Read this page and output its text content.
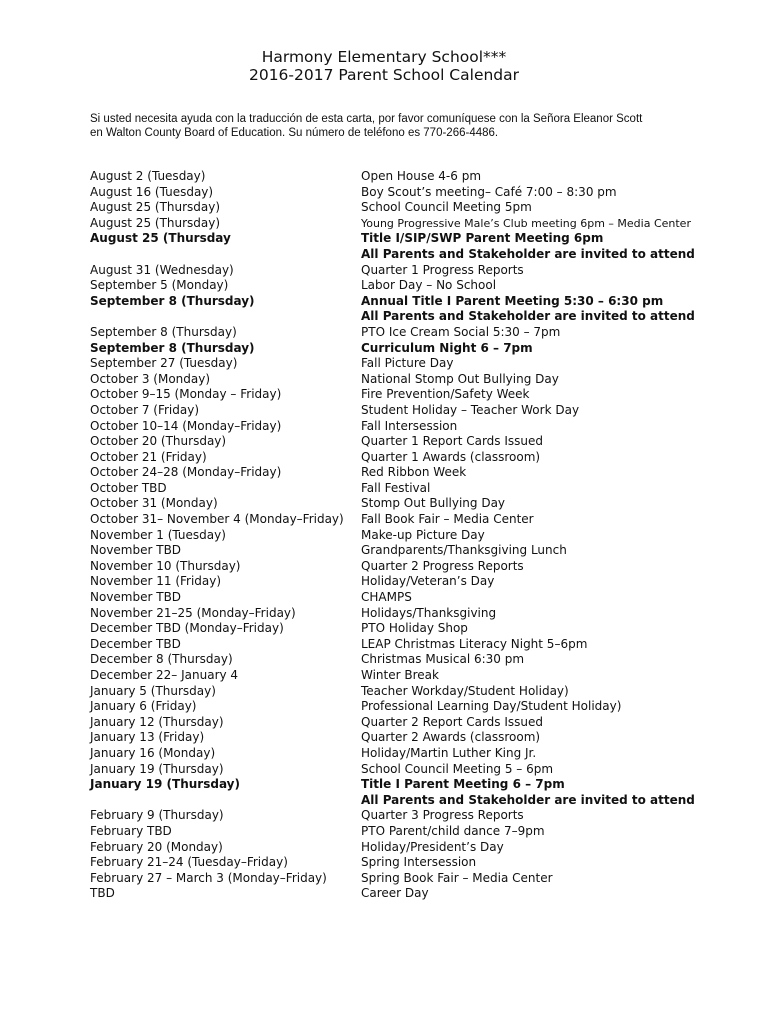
Harmony Elementary School***
2016-2017 Parent School Calendar
Si usted necesita ayuda con la traducción de esta carta, por favor comuníquese con la Señora Eleanor Scott
en Walton County Board of Education. Su número de teléfono es 770-266-4486.
August 2 (Tuesday)	Open House 4-6 pm
August 16 (Tuesday)	Boy Scout’s meeting– Café 7:00 – 8:30 pm
August 25 (Thursday)	School Council Meeting 5pm
August 25 (Thursday)	Young Progressive Male’s Club meeting 6pm – Media Center
August 25 (Thursday	Title I/SIP/SWP Parent Meeting 6pm
All Parents and Stakeholder are invited to attend
August 31 (Wednesday)	Quarter 1 Progress Reports
September 5 (Monday)	Labor Day – No School
September 8 (Thursday)	Annual Title I Parent Meeting 5:30 – 6:30 pm
All Parents and Stakeholder are invited to attend
September 8 (Thursday)	PTO Ice Cream Social 5:30 – 7pm
September 8 (Thursday)	Curriculum Night 6 – 7pm
September 27 (Tuesday)	Fall Picture Day
October 3 (Monday)	National Stomp Out Bullying Day
October 9–15 (Monday – Friday)	Fire Prevention/Safety Week
October 7 (Friday)	Student Holiday – Teacher Work Day
October 10–14 (Monday–Friday)	Fall Intersession
October 20 (Thursday)	Quarter 1 Report Cards Issued
October 21 (Friday)	Quarter 1 Awards (classroom)
October 24–28 (Monday–Friday)	Red Ribbon Week
October TBD	Fall Festival
October 31 (Monday)	Stomp Out Bullying Day
October 31– November 4 (Monday–Friday) Fall Book Fair – Media Center
November 1 (Tuesday)	Make-up Picture Day
November TBD	Grandparents/Thanksgiving Lunch
November 10 (Thursday)	Quarter 2 Progress Reports
November 11 (Friday)	Holiday/Veteran’s Day
November TBD	CHAMPS
November 21–25 (Monday–Friday)	Holidays/Thanksgiving
December TBD (Monday–Friday)	PTO Holiday Shop
December TBD	LEAP Christmas Literacy Night 5–6pm
December 8 (Thursday)	Christmas Musical 6:30 pm
December 22– January 4	Winter Break
January 5 (Thursday)	Teacher Workday/Student Holiday)
January 6 (Friday)	Professional Learning Day/Student Holiday)
January 12 (Thursday)	Quarter 2 Report Cards Issued
January 13 (Friday)	Quarter 2 Awards (classroom)
January 16 (Monday)	Holiday/Martin Luther King Jr.
January 19 (Thursday)	School Council Meeting 5 – 6pm
January 19 (Thursday)	Title I Parent Meeting 6 – 7pm
All Parents and Stakeholder are invited to attend
February 9 (Thursday)	Quarter 3 Progress Reports
February TBD	PTO Parent/child dance 7–9pm
February 20 (Monday)	Holiday/President’s Day
February 21–24 (Tuesday–Friday)	Spring Intersession
February 27 – March 3 (Monday–Friday)	Spring Book Fair – Media Center
TBD	Career Day
